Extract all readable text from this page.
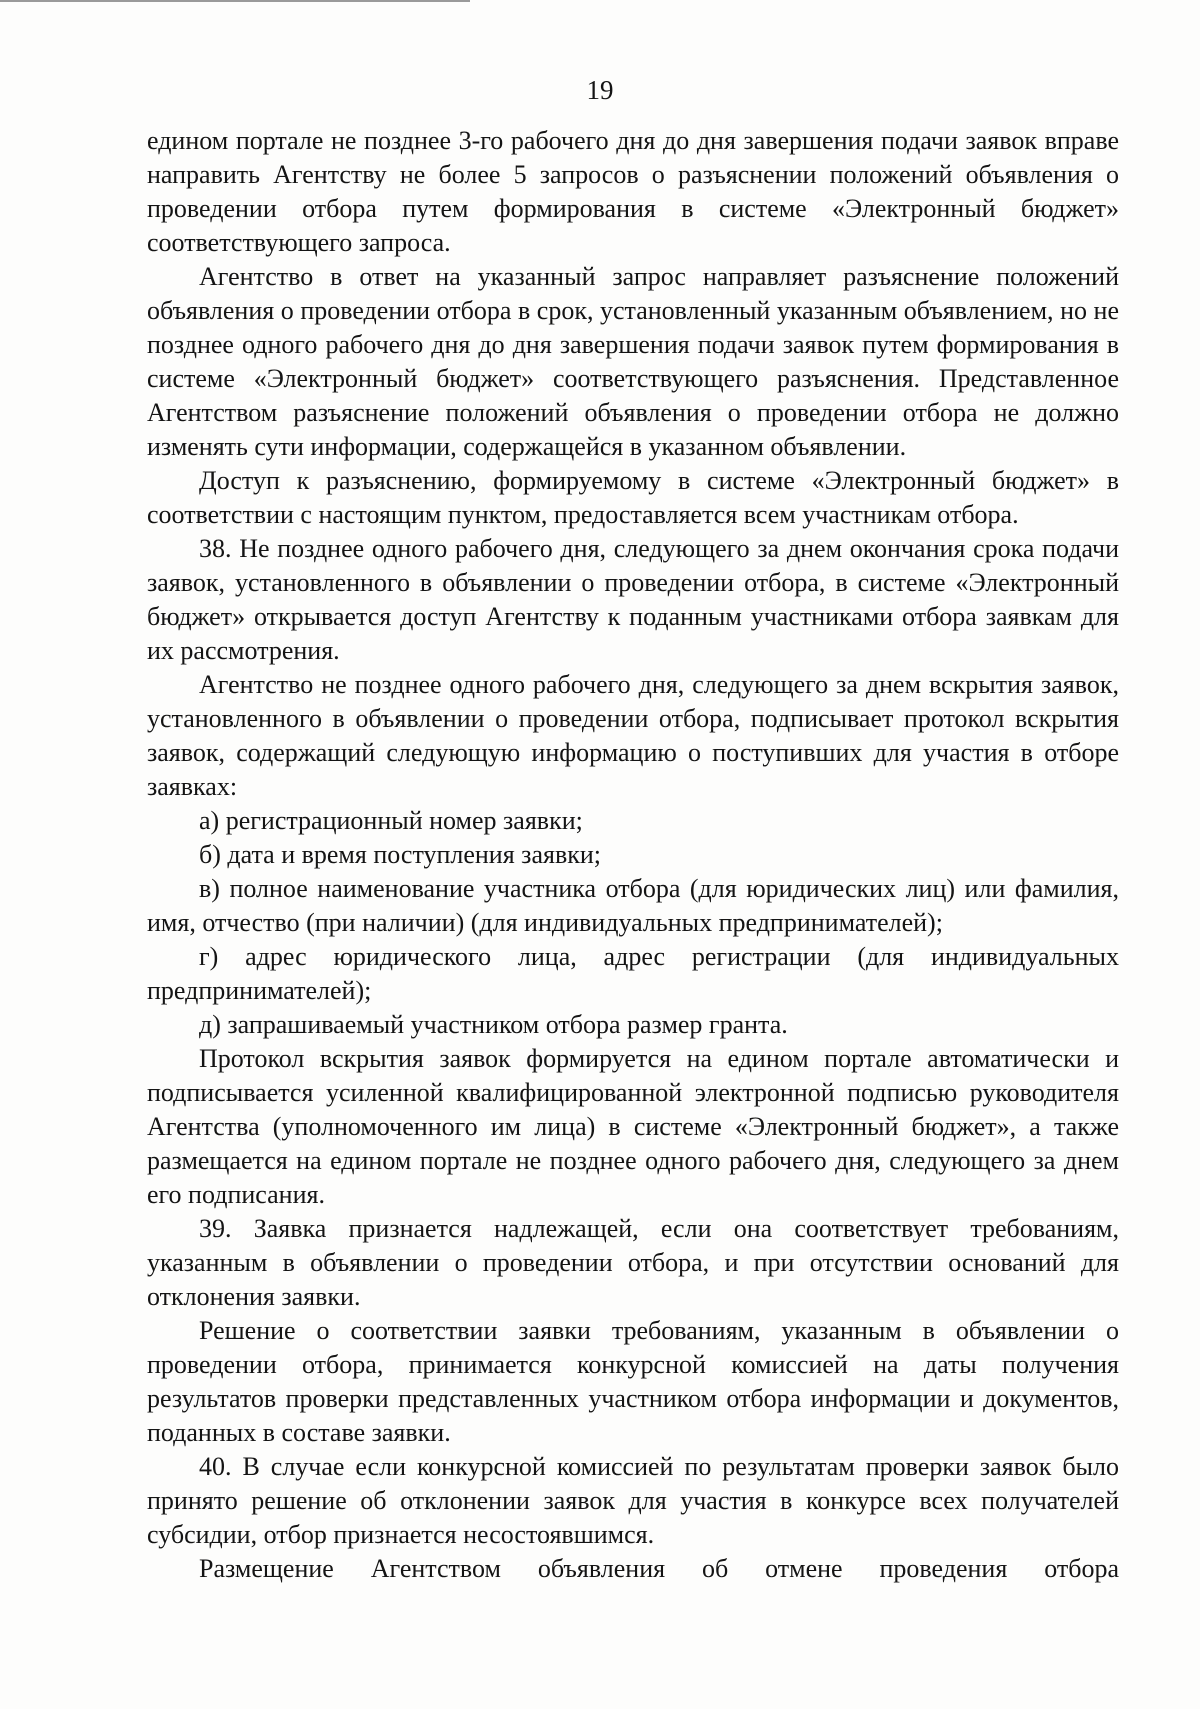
19

едином портале не позднее 3-го рабочего дня до дня завершения подачи заявок вправе направить Агентству не более 5 запросов о разъяснении положений объявления о проведении отбора путем формирования в системе «Электронный бюджет» соответствующего запроса.

Агентство в ответ на указанный запрос направляет разъяснение положений объявления о проведении отбора в срок, установленный указанным объявлением, но не позднее одного рабочего дня до дня завершения подачи заявок путем формирования в системе «Электронный бюджет» соответствующего разъяснения. Представленное Агентством разъяснение положений объявления о проведении отбора не должно изменять сути информации, содержащейся в указанном объявлении.

Доступ к разъяснению, формируемому в системе «Электронный бюджет» в соответствии с настоящим пунктом, предоставляется всем участникам отбора.

38. Не позднее одного рабочего дня, следующего за днем окончания срока подачи заявок, установленного в объявлении о проведении отбора, в системе «Электронный бюджет» открывается доступ Агентству к поданным участниками отбора заявкам для их рассмотрения.

Агентство не позднее одного рабочего дня, следующего за днем вскрытия заявок, установленного в объявлении о проведении отбора, подписывает протокол вскрытия заявок, содержащий следующую информацию о поступивших для участия в отборе заявках:

а) регистрационный номер заявки;

б) дата и время поступления заявки;

в) полное наименование участника отбора (для юридических лиц) или фамилия, имя, отчество (при наличии) (для индивидуальных предпринимателей);

г) адрес юридического лица, адрес регистрации (для индивидуальных предпринимателей);

д) запрашиваемый участником отбора размер гранта.

Протокол вскрытия заявок формируется на едином портале автоматически и подписывается усиленной квалифицированной электронной подписью руководителя Агентства (уполномоченного им лица) в системе «Электронный бюджет», а также размещается на едином портале не позднее одного рабочего дня, следующего за днем его подписания.

39. Заявка признается надлежащей, если она соответствует требованиям, указанным в объявлении о проведении отбора, и при отсутствии оснований для отклонения заявки.

Решение о соответствии заявки требованиям, указанным в объявлении о проведении отбора, принимается конкурсной комиссией на даты получения результатов проверки представленных участником отбора информации и документов, поданных в составе заявки.

40. В случае если конкурсной комиссией по результатам проверки заявок было принято решение об отклонении заявок для участия в конкурсе всех получателей субсидии, отбор признается несостоявшимся.

Размещение Агентством объявления об отмене проведения отбора
